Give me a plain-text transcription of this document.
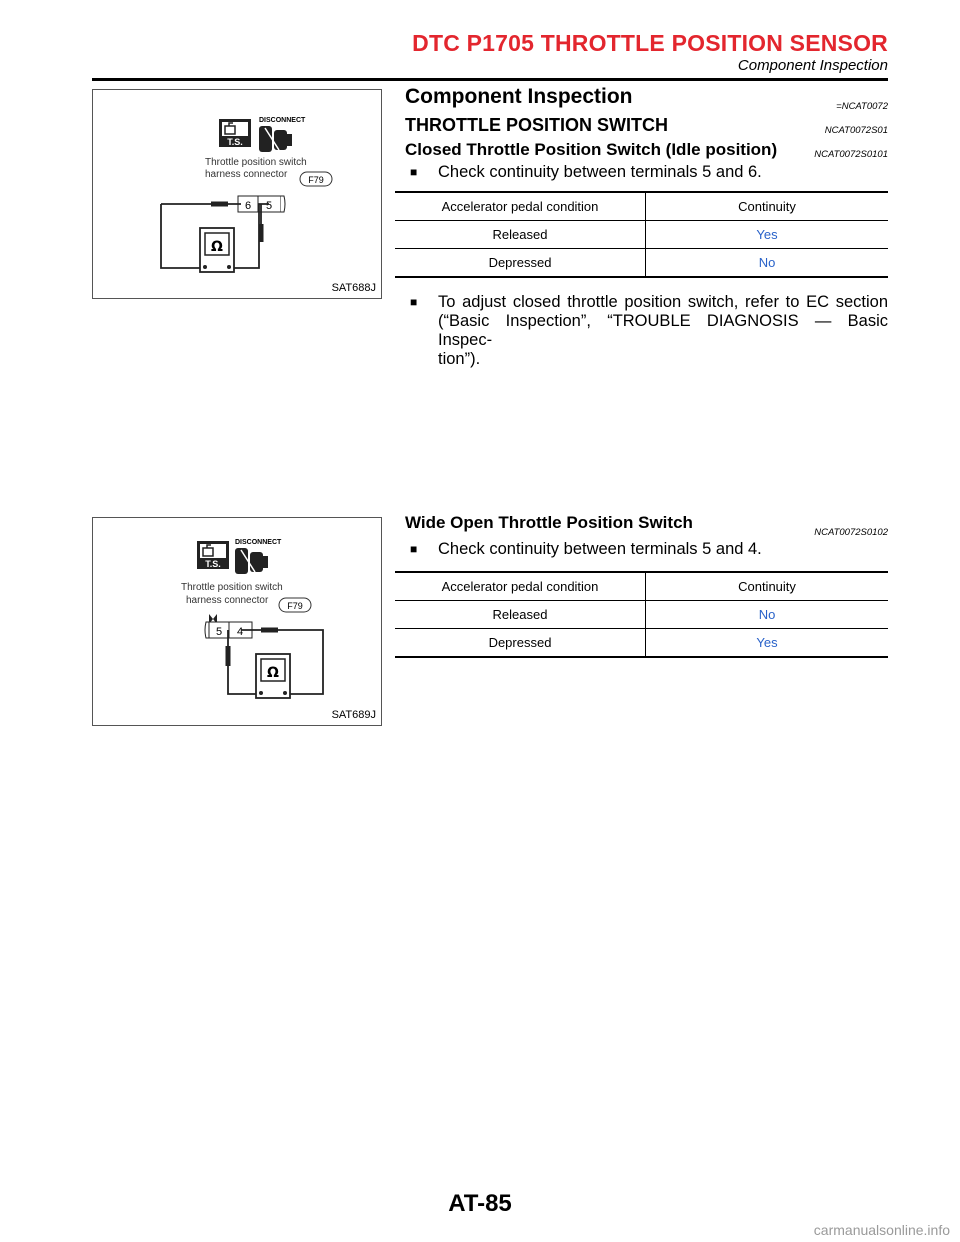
DTC P1705 THROTTLE POSITION SENSOR
Component Inspection
T.S.
DISCONNECT
Throttle position switch
harness connector F79
6 5
Ω
SAT688J
T.S.
DISCONNECT
Throttle position switch
harness connector F79
5 4
Ω
SAT689J
Component Inspection	=NCAT0072
THROTTLE POSITION SWITCH	NCAT0072S01
Closed Throttle Position Switch (Idle position)	NCAT0072S0101
■ Check continuity between terminals 5 and 6.
Accelerator pedal condition	Continuity
Released	Yes
Depressed	No
■ To adjust closed throttle position switch, refer to EC section (“Basic Inspection”, “TROUBLE DIAGNOSIS — Basic Inspec-
tion”).
Wide Open Throttle Position Switch
NCAT0072S0102
■ Check continuity between terminals 5 and 4.
Accelerator pedal condition	Continuity
Released	No
Depressed	Yes
AT-85
carmanualsonline.info
